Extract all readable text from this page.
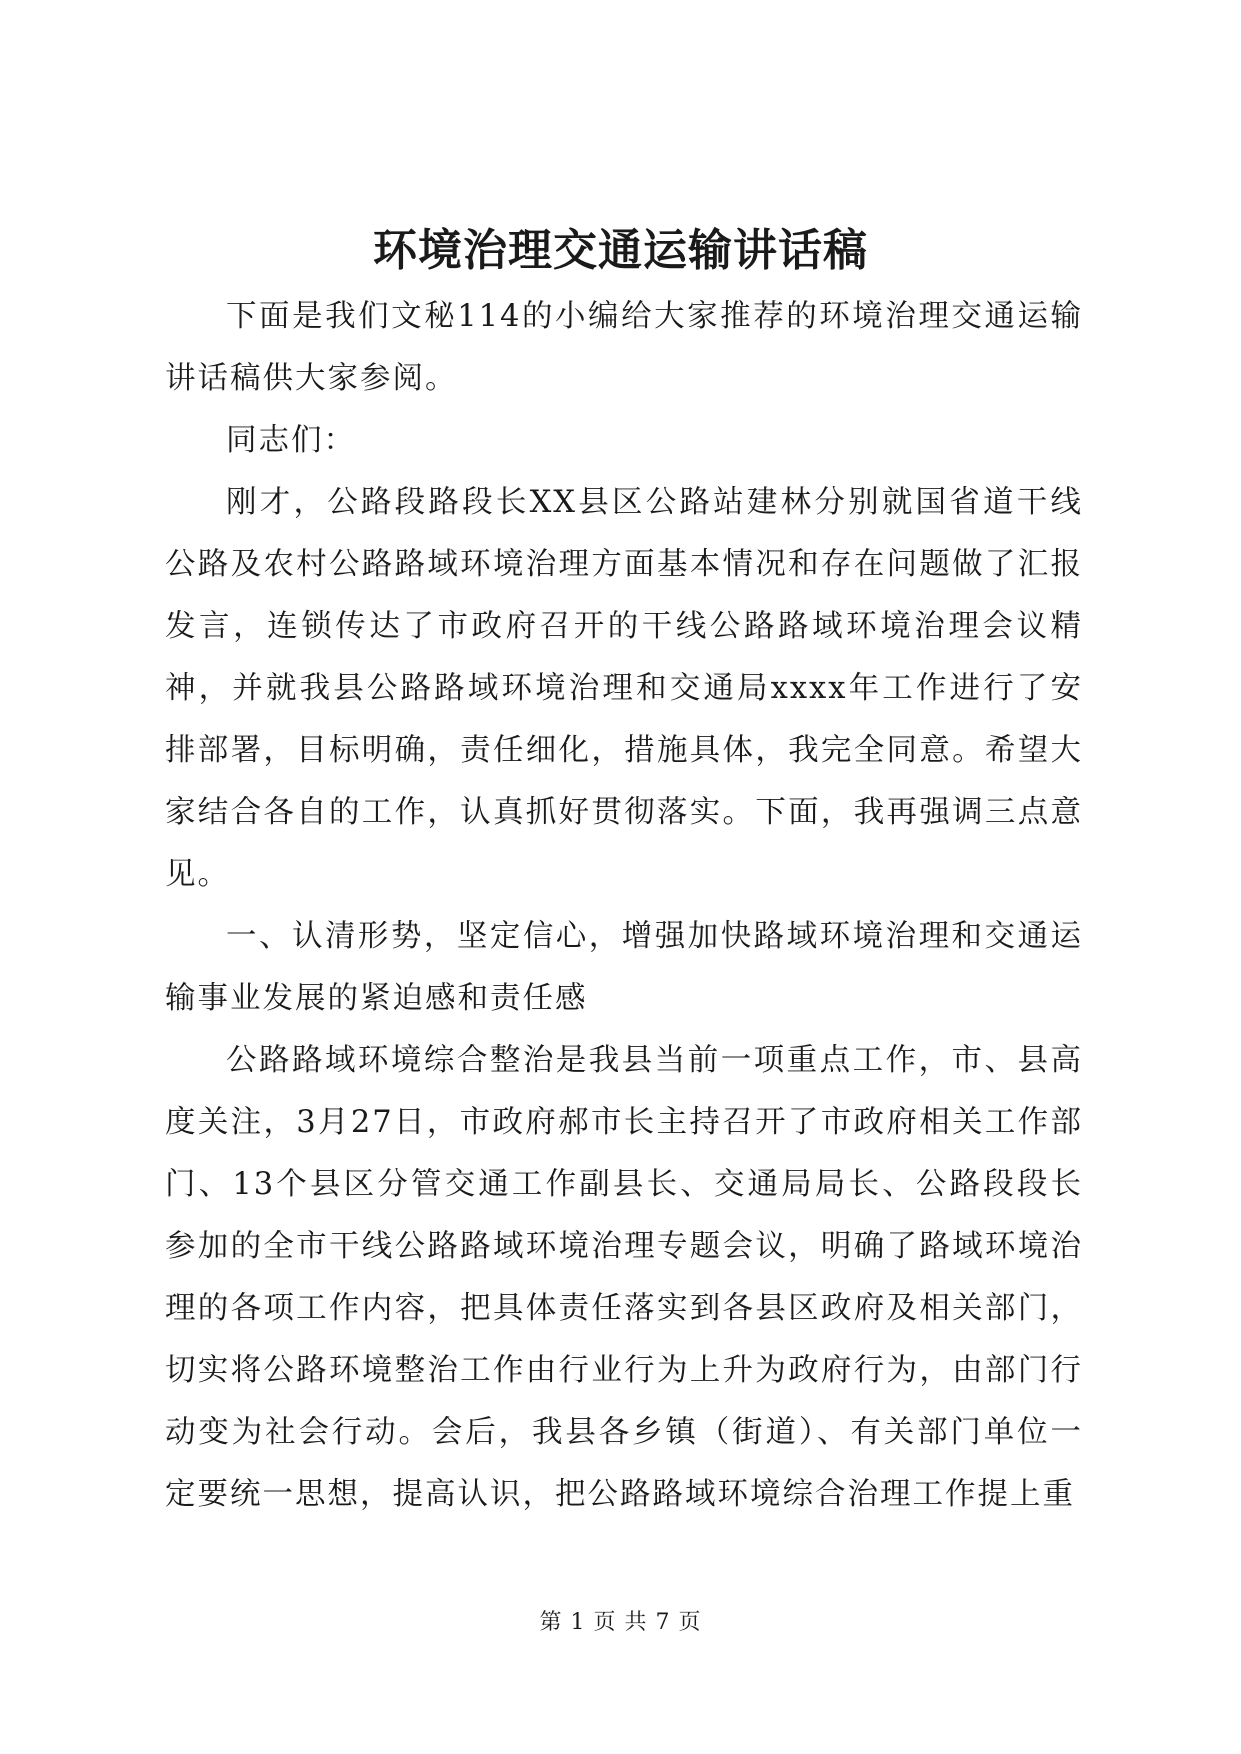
环境治理交通运输讲话稿

下面是我们文秘114的小编给大家推荐的环境治理交通运输讲话稿供大家参阅。

同志们：

刚才，公路段路段长XX县区公路站建林分别就国省道干线公路及农村公路路域环境治理方面基本情况和存在问题做了汇报发言，连锁传达了市政府召开的干线公路路域环境治理会议精神，并就我县公路路域环境治理和交通局xxxx年工作进行了安排部署，目标明确，责任细化，措施具体，我完全同意。希望大家结合各自的工作，认真抓好贯彻落实。下面，我再强调三点意见。

一、认清形势，坚定信心，增强加快路域环境治理和交通运输事业发展的紧迫感和责任感

公路路域环境综合整治是我县当前一项重点工作，市、县高度关注，3月27日，市政府郝市长主持召开了市政府相关工作部门、13个县区分管交通工作副县长、交通局局长、公路段段长参加的全市干线公路路域环境治理专题会议，明确了路域环境治理的各项工作内容，把具体责任落实到各县区政府及相关部门，切实将公路环境整治工作由行业行为上升为政府行为，由部门行动变为社会行动。会后，我县各乡镇（街道）、有关部门单位一定要统一思想，提高认识，把公路路域环境综合治理工作提上重

第 1 页 共 7 页
